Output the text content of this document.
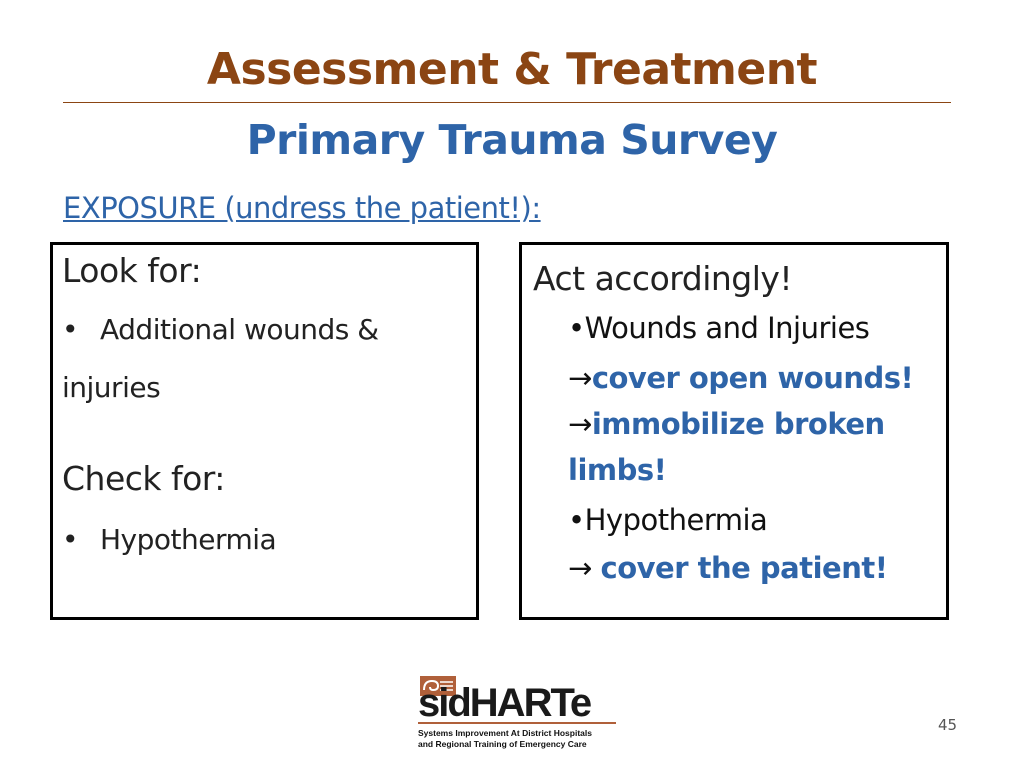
Assessment & Treatment
Primary Trauma Survey
EXPOSURE (undress the patient!):
Look for:
• Additional wounds &
injuries
Check for:
• Hypothermia
Act accordingly!
•Wounds and Injuries
→cover open wounds!
→immobilize broken
limbs!
•Hypothermia
→ cover the patient!
sidHARTe
Systems Improvement At District Hospitals
and Regional Training of Emergency Care
45
